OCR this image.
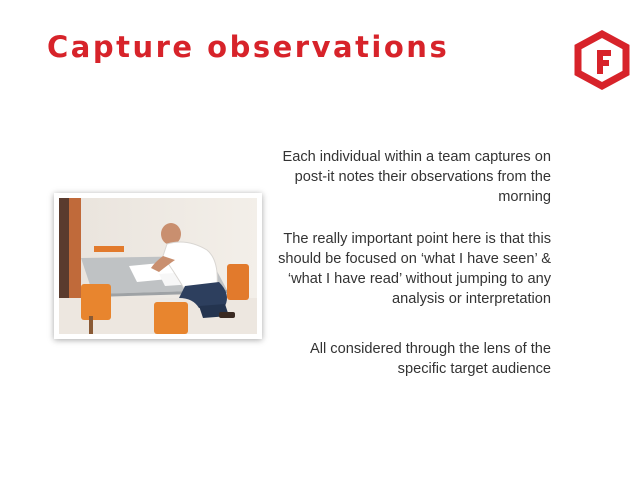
Capture observations

Each individual within a team captures on post-it notes their observations from the morning

The really important point here is that this should be focused on ‘what I have seen’ & ‘what I have read’ without jumping to any analysis or interpretation

All considered through the lens of the specific target audience
